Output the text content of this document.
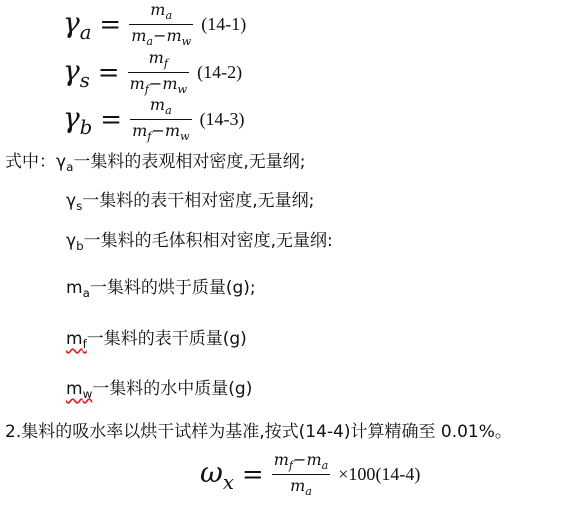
$\gamma_a = \frac{m_a}{m_a-m_w} (14-1)$
$\gamma_s = \frac{m_f}{m_f-m_w} (14-2)$
$\gamma_b = \frac{m_a}{m_f-m_w} (14-3)$
式中：$\gamma_a$一集料的表观相对密度,无量纲;
$\gamma_s$一集料的表干相对密度,无量纲;
$\gamma_b$一集料的毛体积相对密度,无量纲:
$m_a$一集料的烘于质量(g);
$m_f$一集料的表干质量(g)
$m_w$一集料的水中质量(g)
2.集料的吸水率以烘干试样为基准,按式(14-4)计算精确至 0.01%。
$\omega_x = \frac{m_f-m_a}{m_a} \times 100(14-4)$
